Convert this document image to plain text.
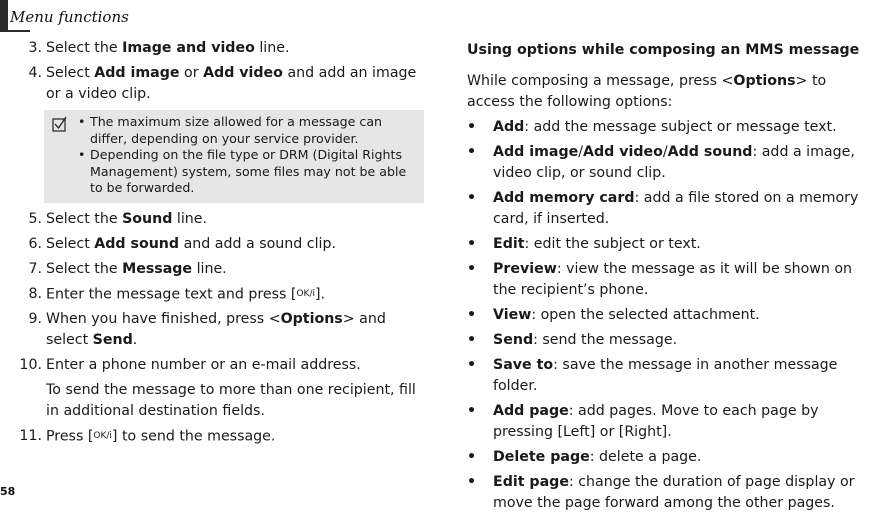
Menu functions
3. Select the Image and video line.
4. Select Add image or Add video and add an image or a video clip.
• The maximum size allowed for a message can differ, depending on your service provider.
• Depending on the file type or DRM (Digital Rights Management) system, some files may not be able to be forwarded.
5. Select the Sound line.
6. Select Add sound and add a sound clip.
7. Select the Message line.
8. Enter the message text and press [OK/i].
9. When you have finished, press <Options> and select Send.
10. Enter a phone number or an e-mail address.
To send the message to more than one recipient, fill in additional destination fields.
11. Press [OK/i] to send the message.
Using options while composing an MMS message
While composing a message, press <Options> to access the following options:
• Add: add the message subject or message text.
• Add image/Add video/Add sound: add a image, video clip, or sound clip.
• Add memory card: add a file stored on a memory card, if inserted.
• Edit: edit the subject or text.
• Preview: view the message as it will be shown on the recipient’s phone.
• View: open the selected attachment.
• Send: send the message.
• Save to: save the message in another message folder.
• Add page: add pages. Move to each page by pressing [Left] or [Right].
• Delete page: delete a page.
• Edit page: change the duration of page display or move the page forward among the other pages.
58
